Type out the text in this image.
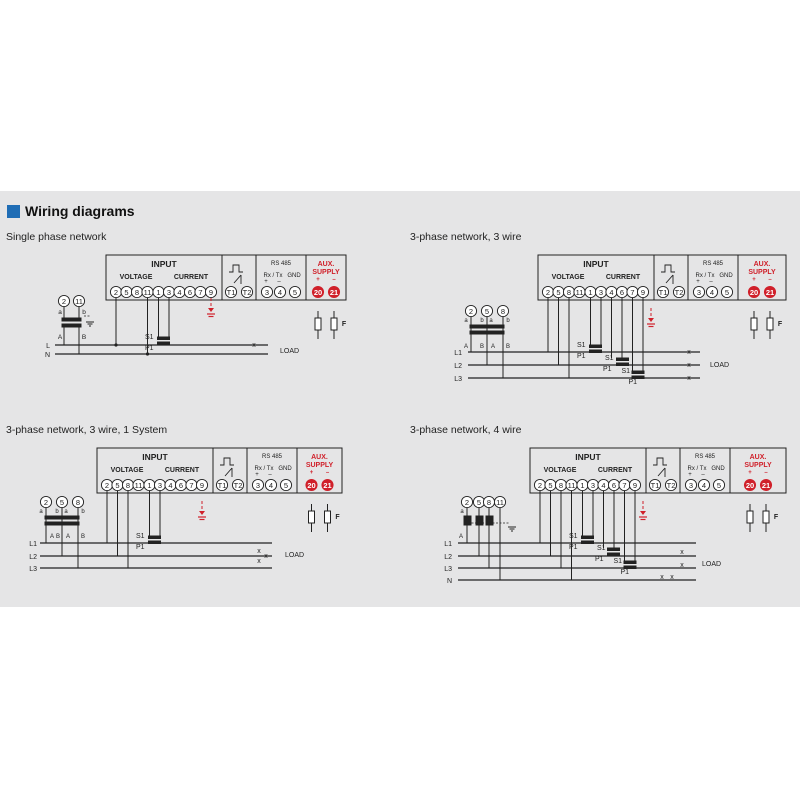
Wiring diagrams
Single phase network	3-phase network, 3 wire
3-phase network, 3 wire, 1 System	3-phase network, 4 wire
INPUT
VOLTAGE	CURRENT
2 5 8 11 1 3 4 6 7 9 T1 T2
RS 485
Rx / Tx GND
+ –
3 4 5
AUX.
SUPPLY
+ –
20 21
F
L
N
LOAD
S1
P1	x
2 11
a	b
A	B
INPUT
VOLTAGE	CURRENT
2 5 8 11 1 3 4 6 7 9 T1 T2
RS 485
Rx / Tx GND
+ –
3 4 5
AUX.
SUPPLY
+ –
20 21
F
L1
L2
L3
LOAD
S1
P1	S1
P1 S1
P1
x
x
x
2 5 8
a b a b
A B A B
INPUT
VOLTAGE	CURRENT
2 5 8 11 1 3 4 6 7 9 T1 T2
RS 485
Rx / Tx GND
+ –
3 4 5
AUX.
SUPPLY
+ –
20 21
F
L1
L2
L3
LOAD
S1
P1
x
x
x
2 5 8
a b a b
A B A B
INPUT
VOLTAGE	CURRENT
2 5 8 11 1 3 4 6 7 9 T1 T2
RS 485
Rx / Tx GND
+ –
3 4 5
AUX.
SUPPLY
+ –
20 21
F
L1
L2
L3
N
LOAD
S1
P1	S1
P1 S1
P1
x
x
x x
2 5 8 11
a
A
